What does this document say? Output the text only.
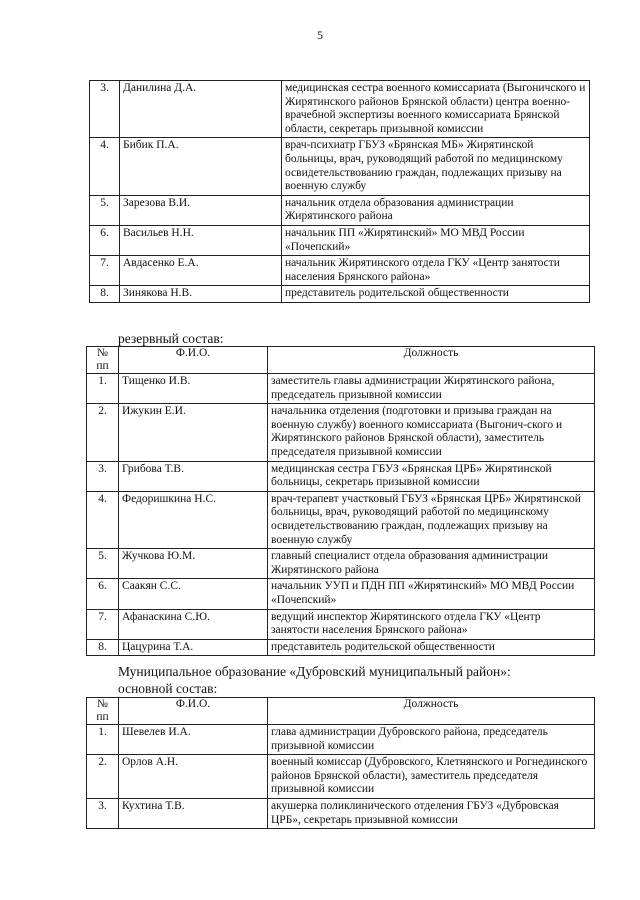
5
3.	Данилина Д.А.	медицинская сестра военного комиссариата (Выгоничского и Жирятинского районов Брянской области) центра военно-врачебной экспертизы военного комиссариата Брянской области, секретарь призывной комиссии
4.	Бибик П.А.	врач-психиатр ГБУЗ «Брянская МБ» Жирятинской больницы, врач, руководящий работой по медицинскому освидетельствованию граждан, подлежащих призыву на военную службу
5.	Зарезова В.И.	начальник отдела образования администрации Жирятинского района
6.	Васильев Н.Н.	начальник ПП «Жирятинский» МО МВД России «Почепский»
7.	Авдасенко Е.А.	начальник Жирятинского отдела ГКУ «Центр занятости населения Брянского района»
8.	Зинякова Н.В.	представитель родительской общественности

резервный состав:

№ пп	Ф.И.О.	Должность
1.	Тищенко И.В.	заместитель главы администрации Жирятинского района, председатель призывной комиссии
2.	Ижукин Е.И.	начальника отделения (подготовки и призыва граждан на военную службу) военного комиссариата (Выгонич-ского и Жирятинского районов Брянской области), заместитель председателя призывной комиссии
3.	Грибова Т.В.	медицинская сестра ГБУЗ «Брянская ЦРБ» Жирятинской больницы, секретарь призывной комиссии
4.	Федоришкина Н.С.	врач-терапевт участковый ГБУЗ «Брянская ЦРБ» Жирятинской больницы, врач, руководящий работой по медицинскому освидетельствованию граждан, подлежащих призыву на военную службу
5.	Жучкова Ю.М.	главный специалист отдела образования администрации Жирятинского района
6.	Саакян С.С.	начальник УУП и ПДН ПП «Жирятинский» МО МВД России «Почепский»
7.	Афанаскина С.Ю.	ведущий инспектор Жирятинского отдела ГКУ «Центр занятости населения Брянского района»
8.	Цацурина Т.А.	представитель родительской общественности
Муниципальное образование «Дубровский муниципальный район»:
основной состав:
№ пп	Ф.И.О.	Должность
1.	Шевелев И.А.	глава администрации Дубровского района, председатель призывной комиссии
2.	Орлов А.Н.	военный комиссар (Дубровского, Клетнянского и Рогнединского районов Брянской области), заместитель председателя призывной комиссии
3.	Кухтина Т.В.	акушерка поликлинического отделения ГБУЗ «Дубровская ЦРБ», секретарь призывной комиссии
